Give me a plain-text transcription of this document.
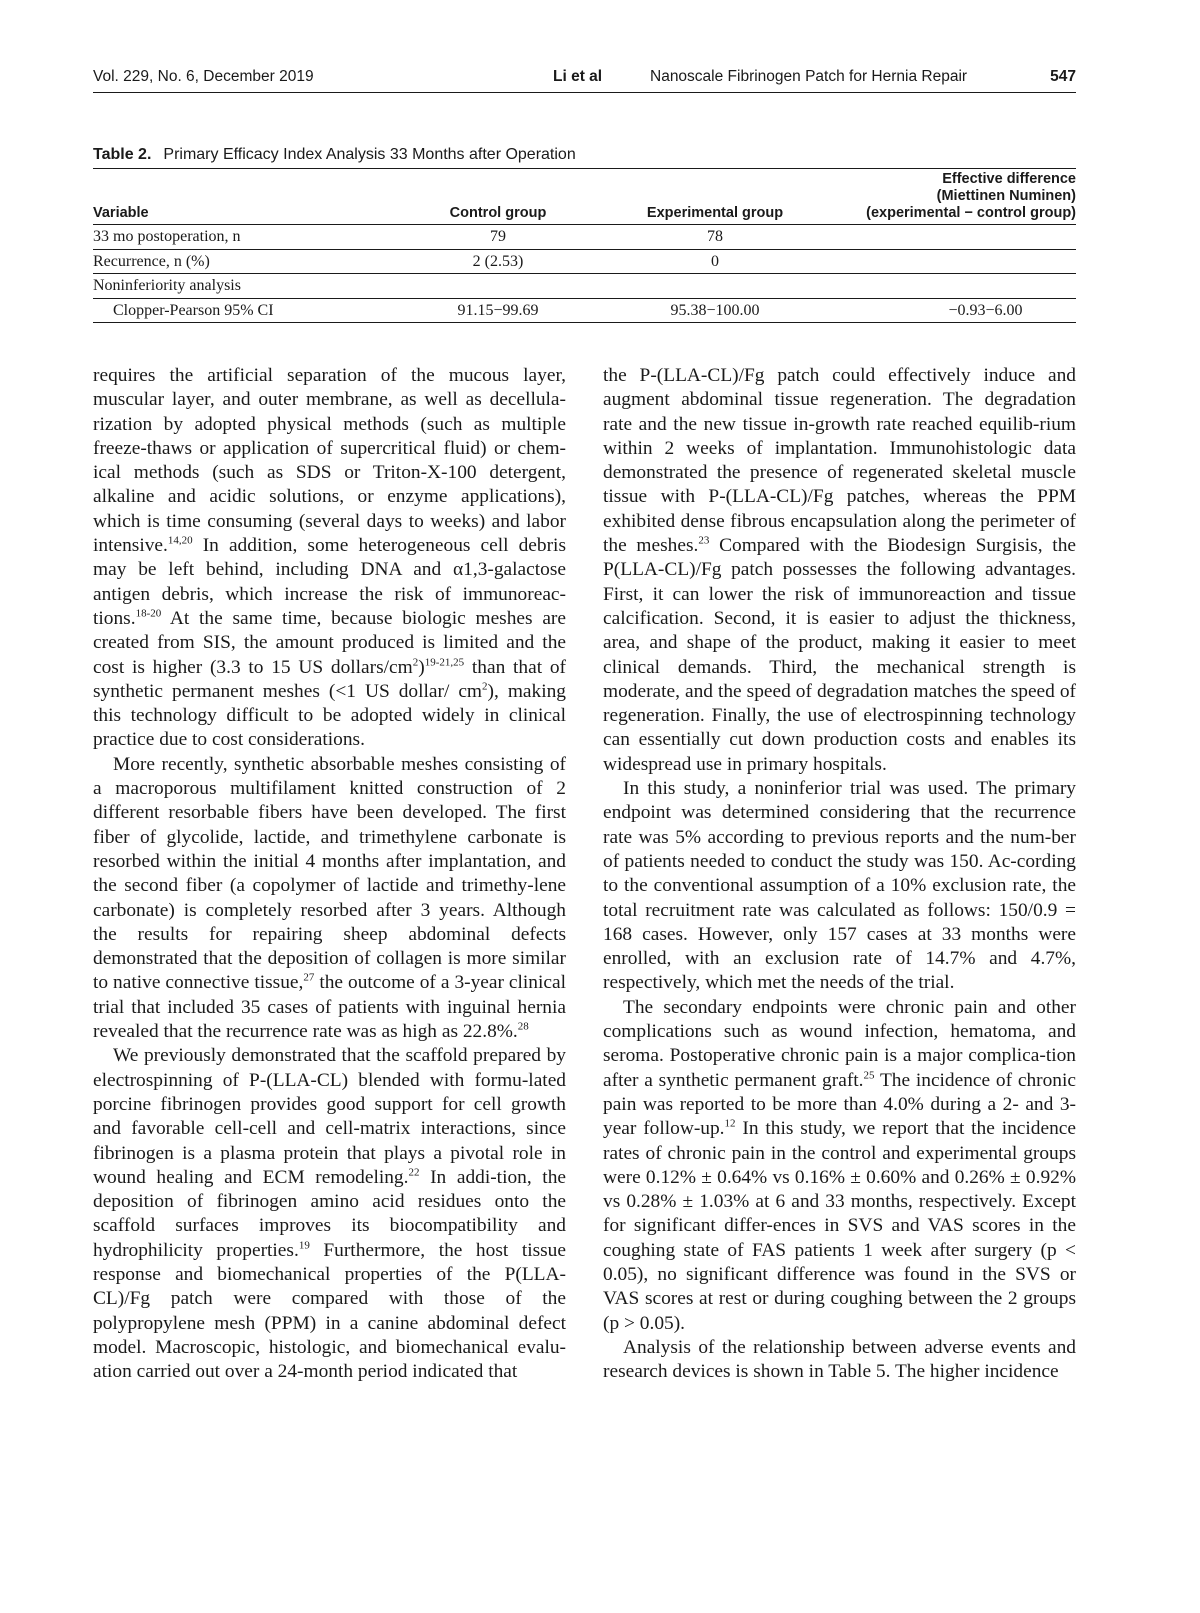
Vol. 229, No. 6, December 2019	Li et al	Nanoscale Fibrinogen Patch for Hernia Repair	547
Table 2. Primary Efficacy Index Analysis 33 Months after Operation
Variable	Control group	Experimental group	Effective difference
(Miettinen Numinen)
(experimental − control group)
33 mo postoperation, n	79	78	
Recurrence, n (%)	2 (2.53)	0	
Noninferiority analysis			
Clopper-Pearson 95% CI	91.15−99.69	95.38−100.00	−0.93−6.00

requires the artificial separation of the mucous layer, muscular layer, and outer membrane, as well as decellula-rization by adopted physical methods (such as multiple freeze-thaws or application of supercritical fluid) or chem-ical methods (such as SDS or Triton-X-100 detergent, alkaline and acidic solutions, or enzyme applications), which is time consuming (several days to weeks) and labor intensive.$^{14,20}$ In addition, some heterogeneous cell debris may be left behind, including DNA and α1,3-galactose antigen debris, which increase the risk of immunoreac-tions.$^{18-20}$ At the same time, because biologic meshes are created from SIS, the amount produced is limited and the cost is higher (3.3 to 15 US dollars/$cm^2)^{19-21,25}$ than that of synthetic permanent meshes (<1 US dollar/ $cm^2$), making this technology difficult to be adopted widely in clinical practice due to cost considerations.

More recently, synthetic absorbable meshes consisting of a macroporous multifilament knitted construction of 2 different resorbable fibers have been developed. The first fiber of glycolide, lactide, and trimethylene carbonate is resorbed within the initial 4 months after implantation, and the second fiber (a copolymer of lactide and trimethy-lene carbonate) is completely resorbed after 3 years. Although the results for repairing sheep abdominal defects demonstrated that the deposition of collagen is more similar to native connective tissue,$^{27}$ the outcome of a 3-year clinical trial that included 35 cases of patients with inguinal hernia revealed that the recurrence rate was as high as 22.8%.$^{28}$

We previously demonstrated that the scaffold prepared by electrospinning of P-(LLA-CL) blended with formu-lated porcine fibrinogen provides good support for cell growth and favorable cell-cell and cell-matrix interactions, since fibrinogen is a plasma protein that plays a pivotal role in wound healing and ECM remodeling.$^{22}$ In addi-tion, the deposition of fibrinogen amino acid residues onto the scaffold surfaces improves its biocompatibility and hydrophilicity properties.$^{19}$ Furthermore, the host tissue response and biomechanical properties of the P(LLA-CL)/Fg patch were compared with those of the polypropylene mesh (PPM) in a canine abdominal defect model. Macroscopic, histologic, and biomechanical evalu-ation carried out over a 24-month period indicated that

the P-(LLA-CL)/Fg patch could effectively induce and augment abdominal tissue regeneration. The degradation rate and the new tissue in-growth rate reached equilib-rium within 2 weeks of implantation. Immunohistologic data demonstrated the presence of regenerated skeletal muscle tissue with P-(LLA-CL)/Fg patches, whereas the PPM exhibited dense fibrous encapsulation along the perimeter of the meshes.$^{23}$ Compared with the Biodesign Surgisis, the P(LLA-CL)/Fg patch possesses the following advantages. First, it can lower the risk of immunoreaction and tissue calcification. Second, it is easier to adjust the thickness, area, and shape of the product, making it easier to meet clinical demands. Third, the mechanical strength is moderate, and the speed of degradation matches the speed of regeneration. Finally, the use of electrospinning technology can essentially cut down production costs and enables its widespread use in primary hospitals.

In this study, a noninferior trial was used. The primary endpoint was determined considering that the recurrence rate was 5% according to previous reports and the num-ber of patients needed to conduct the study was 150. Ac-cording to the conventional assumption of a 10% exclusion rate, the total recruitment rate was calculated as follows: 150/0.9 = 168 cases. However, only 157 cases at 33 months were enrolled, with an exclusion rate of 14.7% and 4.7%, respectively, which met the needs of the trial.

The secondary endpoints were chronic pain and other complications such as wound infection, hematoma, and seroma. Postoperative chronic pain is a major complica-tion after a synthetic permanent graft.$^{25}$ The incidence of chronic pain was reported to be more than 4.0% during a 2- and 3-year follow-up.$^{12}$ In this study, we report that the incidence rates of chronic pain in the control and experimental groups were 0.12% ± 0.64% vs 0.16% ± 0.60% and 0.26% ± 0.92% vs 0.28% ± 1.03% at 6 and 33 months, respectively. Except for significant differ-ences in SVS and VAS scores in the coughing state of FAS patients 1 week after surgery (p < 0.05), no significant difference was found in the SVS or VAS scores at rest or during coughing between the 2 groups (p > 0.05).

Analysis of the relationship between adverse events and research devices is shown in Table 5. The higher incidence
